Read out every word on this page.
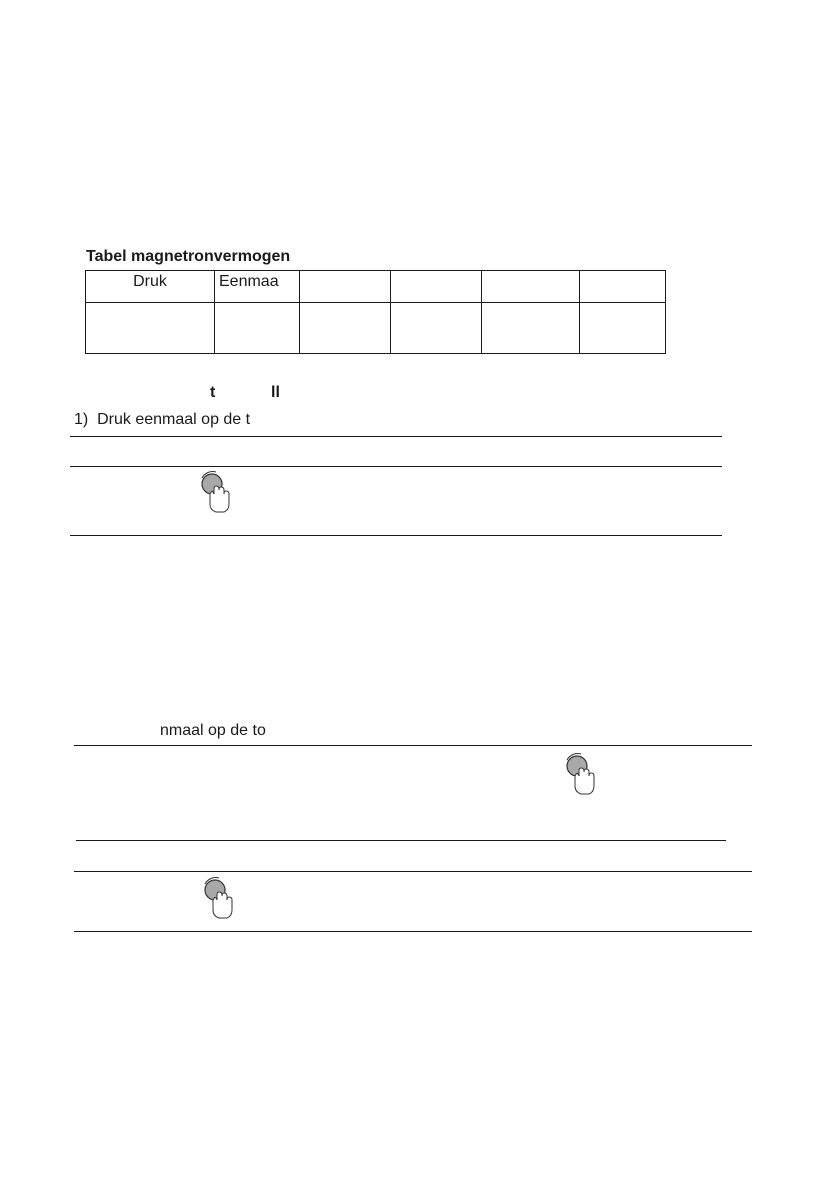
Tabel magnetronvermogen
Druk	Eenmaa				

t	ll
1)  Druk eenmaal op de t
nmaal op de to
